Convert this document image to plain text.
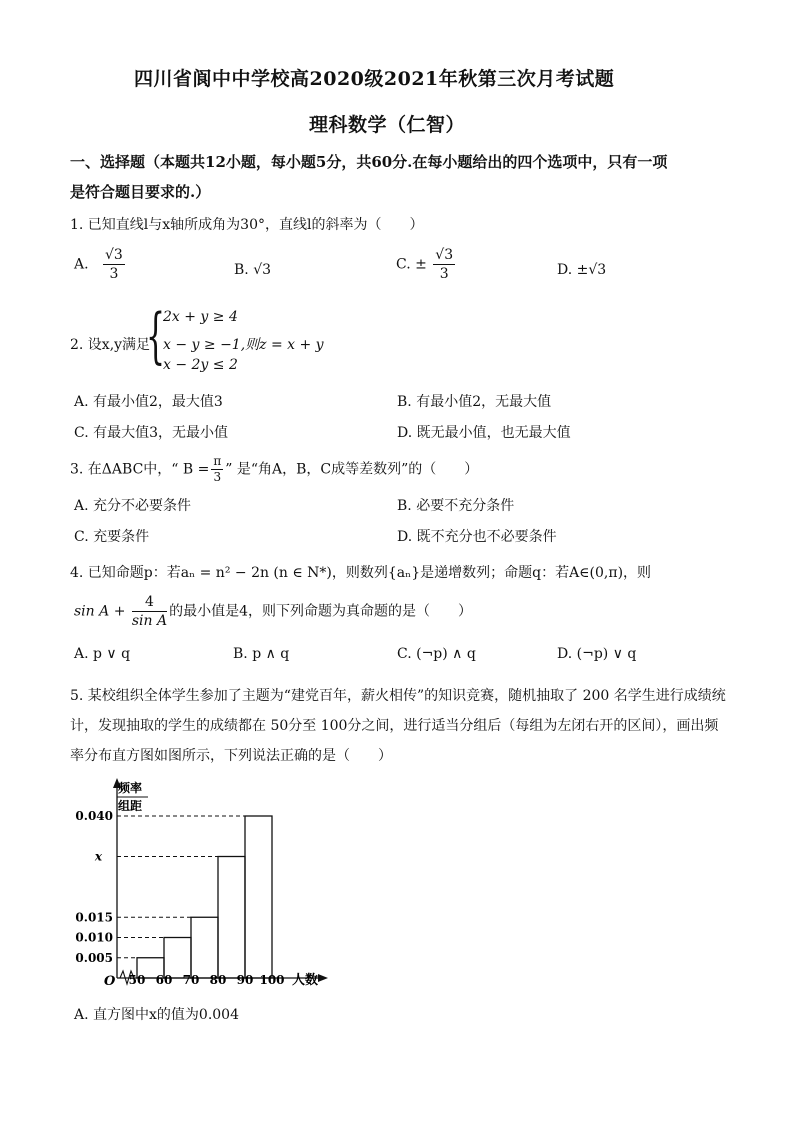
四川省阆中中学校高2020级2021年秋第三次月考试题
理科数学（仁智）
一、选择题（本题共12小题，每小题5分，共60分.在每小题给出的四个选项中，只有一项
是符合题目要求的.）
1. 已知直线l与x轴所成角为30°，直线l的斜率为（　　）
A. $\frac{√3}{3}$	B. √3	C. ± $\frac{√3}{3}$	D. ±√3
2x + y ≥ 4
2. 设x,y满足
{
x − y ≥ −1,则z = x + y
x − 2y ≤ 2
A. 有最小值2，最大值3	B. 有最小值2，无最大值
C. 有最大值3，无最小值	D. 既无最小值，也无最大值
3. 在ΔABC中，“ $B = \frac{\pi}{3}$ ” 是“角A，B，C成等差数列”的（　　）
A. 充分不必要条件	B. 必要不充分条件
C. 充要条件	D. 既不充分也不必要条件
4. 已知命题p：若aₙ = n² − 2n (n ∈ N*)，则数列{aₙ}是递增数列；命题q：若A∈(0,π)，则
$\sin A + \frac{4}{\text{sin A}}$ 的最小值是4，则下列命题为真命题的是（　　）
A. p ∨ q	B. p ∧ q	C. (¬p) ∧ q	D. (¬p) ∨ q
5. 某校组织全体学生参加了主题为“建党百年，薪火相传”的知识竞赛，随机抽取了 200 名学生进行成绩统
计，发现抽取的学生的成绩都在 50分至 100分之间，进行适当分组后（每组为左闭右开的区间），画出频
率分布直方图如图所示，下列说法正确的是（　　）
频率
组距
O	人数
0.005
0.010
0.015
x
0.040
50 60 70 80 90 100
A. 直方图中x的值为0.004
